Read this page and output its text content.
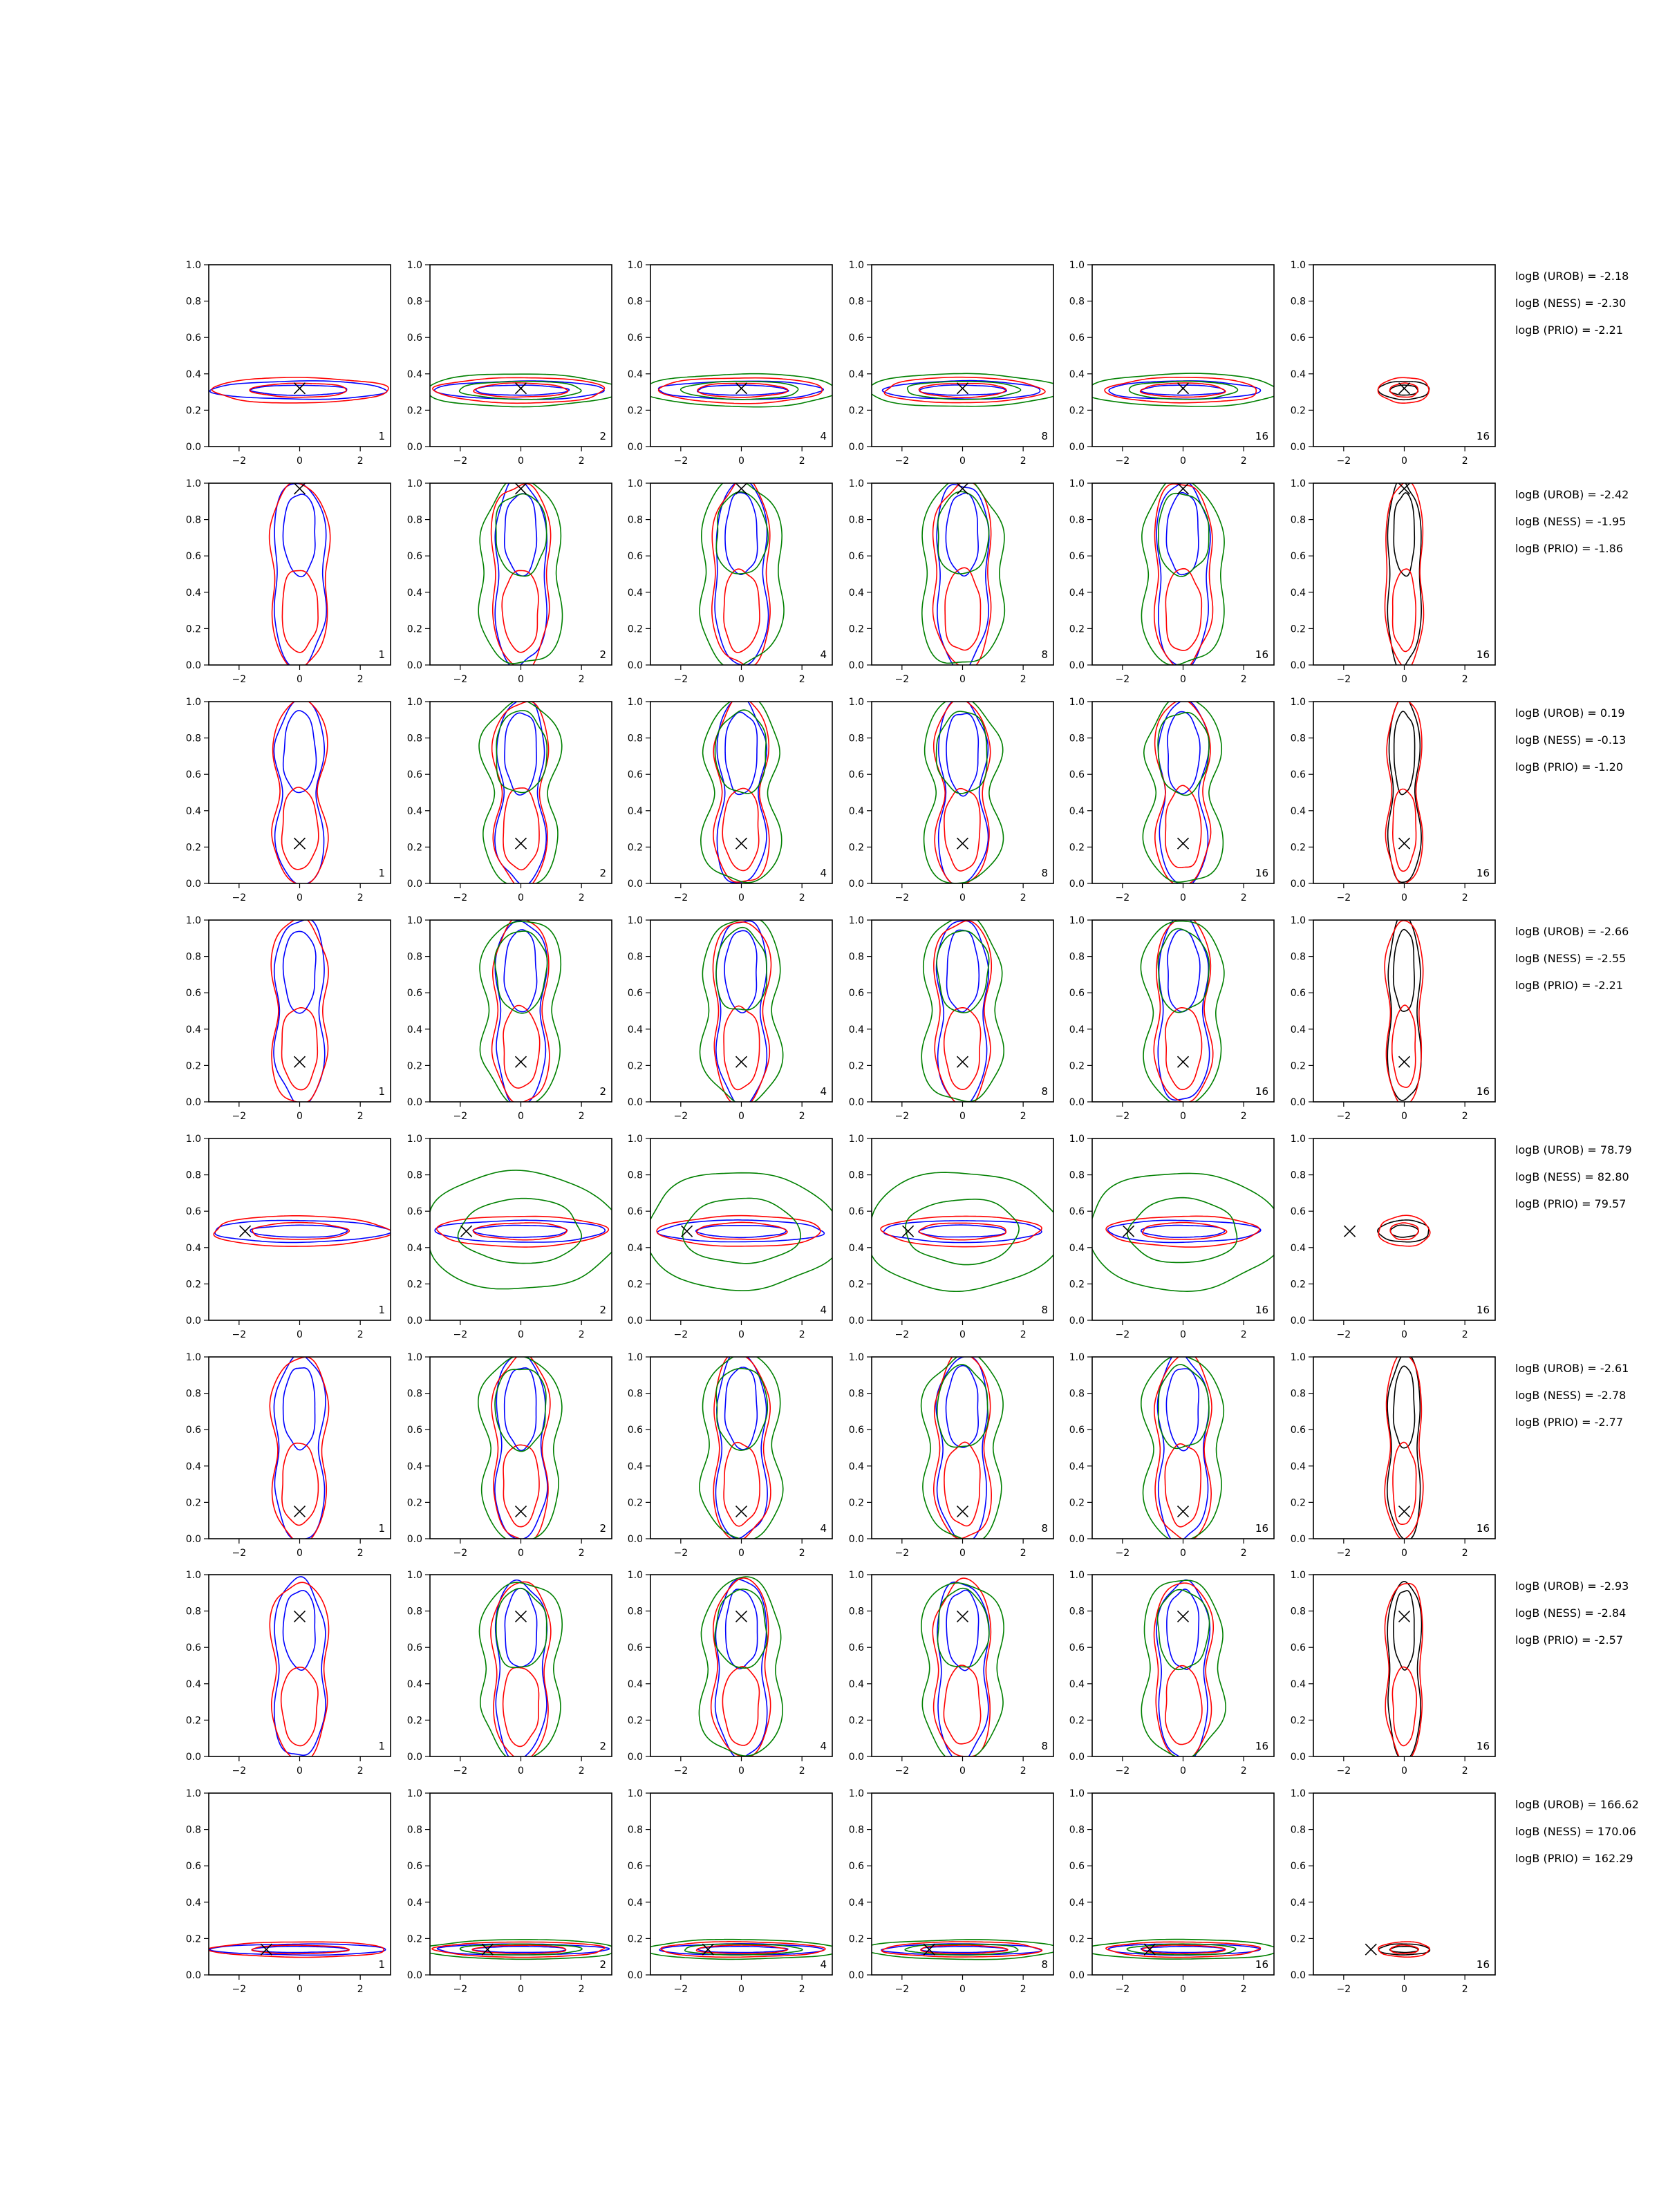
0.0
0.2
0.4
0.6
0.8
1.0
−2	0	2
1
0.0
0.2
0.4
0.6
0.8
1.0
−2	0	2
2
0.0
0.2
0.4
0.6
0.8
1.0
−2	0	2
4
0.0
0.2
0.4
0.6
0.8
1.0
−2	0	2
8
0.0
0.2
0.4
0.6
0.8
1.0
−2	0	2
16
0.0
0.2
0.4
0.6
0.8
1.0
−2	0	2
16
0.0
0.2
0.4
0.6
0.8
1.0
−2	0	2
1
0.0
0.2
0.4
0.6
0.8
1.0
−2	0	2
2
0.0
0.2
0.4
0.6
0.8
1.0
−2	0	2
4
0.0
0.2
0.4
0.6
0.8
1.0
−2	0	2
8
0.0
0.2
0.4
0.6
0.8
1.0
−2	0	2
16
0.0
0.2
0.4
0.6
0.8
1.0
−2	0	2
16
0.0
0.2
0.4
0.6
0.8
1.0
−2	0	2
1
0.0
0.2
0.4
0.6
0.8
1.0
−2	0	2
2
0.0
0.2
0.4
0.6
0.8
1.0
−2	0	2
4
0.0
0.2
0.4
0.6
0.8
1.0
−2	0	2
8
0.0
0.2
0.4
0.6
0.8
1.0
−2	0	2
16
0.0
0.2
0.4
0.6
0.8
1.0
−2	0	2
16
0.0
0.2
0.4
0.6
0.8
1.0
−2	0	2
1
0.0
0.2
0.4
0.6
0.8
1.0
−2	0	2
2
0.0
0.2
0.4
0.6
0.8
1.0
−2	0	2
4
0.0
0.2
0.4
0.6
0.8
1.0
−2	0	2
8
0.0
0.2
0.4
0.6
0.8
1.0
−2	0	2
16
0.0
0.2
0.4
0.6
0.8
1.0
−2	0	2
16
0.0
0.2
0.4
0.6
0.8
1.0
−2	0	2
1
0.0
0.2
0.4
0.6
0.8
1.0
−2	0	2
2
0.0
0.2
0.4
0.6
0.8
1.0
−2	0	2
4
0.0
0.2
0.4
0.6
0.8
1.0
−2	0	2
8
0.0
0.2
0.4
0.6
0.8
1.0
−2	0	2
16
0.0
0.2
0.4
0.6
0.8
1.0
−2	0	2
16
0.0
0.2
0.4
0.6
0.8
1.0
−2	0	2
1
0.0
0.2
0.4
0.6
0.8
1.0
−2	0	2
2
0.0
0.2
0.4
0.6
0.8
1.0
−2	0	2
4
0.0
0.2
0.4
0.6
0.8
1.0
−2	0	2
8
0.0
0.2
0.4
0.6
0.8
1.0
−2	0	2
16
0.0
0.2
0.4
0.6
0.8
1.0
−2	0	2
16
0.0
0.2
0.4
0.6
0.8
1.0
−2	0	2
1
0.0
0.2
0.4
0.6
0.8
1.0
−2	0	2
2
0.0
0.2
0.4
0.6
0.8
1.0
−2	0	2
4
0.0
0.2
0.4
0.6
0.8
1.0
−2	0	2
8
0.0
0.2
0.4
0.6
0.8
1.0
−2	0	2
16
0.0
0.2
0.4
0.6
0.8
1.0
−2	0	2
16
0.0
0.2
0.4
0.6
0.8
1.0
−2	0	2
1
0.0
0.2
0.4
0.6
0.8
1.0
−2	0	2
2
0.0
0.2
0.4
0.6
0.8
1.0
−2	0	2
4
0.0
0.2
0.4
0.6
0.8
1.0
−2	0	2
8
0.0
0.2
0.4
0.6
0.8
1.0
−2	0	2
16
0.0
0.2
0.4
0.6
0.8
1.0
−2	0	2
16
logB (UROB) = -2.18
logB (NESS) = -2.30
logB (PRIO) = -2.21
logB (UROB) = -2.42
logB (NESS) = -1.95
logB (PRIO) = -1.86
logB (UROB) = 0.19
logB (NESS) = -0.13
logB (PRIO) = -1.20
logB (UROB) = -2.66
logB (NESS) = -2.55
logB (PRIO) = -2.21
logB (UROB) = 78.79
logB (NESS) = 82.80
logB (PRIO) = 79.57
logB (UROB) = -2.61
logB (NESS) = -2.78
logB (PRIO) = -2.77
logB (UROB) = -2.93
logB (NESS) = -2.84
logB (PRIO) = -2.57
logB (UROB) = 166.62
logB (NESS) = 170.06
logB (PRIO) = 162.29
